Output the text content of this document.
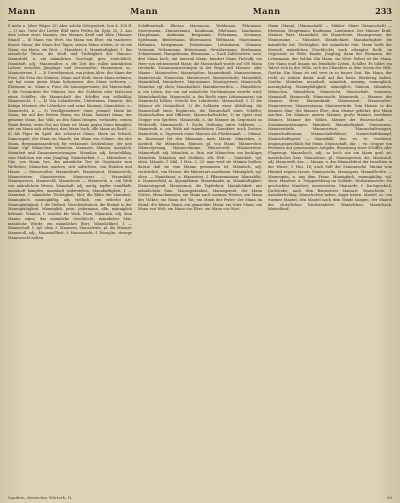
Mann	Mann	Mann	233
ß mehr a. Jahre Wäger 25) Aber solche Gelegenheit, bon S. 100 ff. — 2) Aus. Geist der Lieder, Bild eines Feldes fin. Spät, 25, 2. Aus dem Leben eines Mannes; des Mannes Kraft und Ehre (Mannes Stand) — 8) Mann von Wort, ein Mann von Ehre; ein wackerer, braver Mann; der Mann des Tages; seinen Mann stehen; er ist ein Mann; ein Mann, ein Wort — Mannheit, f.; Mannhaftigkeit, f.: das männliche Wesen, die Kraft und Tüchtigkeit des Mannes; Mannsbild, n. ein männliches Geschöpf, gew. verächtlich. Mannhaft, adj.; Mannesalter, n. die Zeit des vollen männlichen Lebens zwischen Jünglings- und Greisenalter; Mannesmut, m.; Mannestreue, f. — 3) Unverheiratet, von jedem Alter: der Mann der Frau; die Frau des Mannes; Mann und Weib; einen Mann nehmen; sie hat einen guten Mann bekommen; den Mann verlieren — Ehemann, m.: Mann u. Frau; die Mannspersonen; die Mannschaft, f. die Gesamtheit der Männer, bes. der Soldaten oder Matrosen eines Schiffes; die Mannschaft des Schiffes war vollzählig; Mannszucht, f. — 4) Von Lehnsleuten, Untertanen, Dienern: des Königs Mannen; der Lehnsherr und seine Mannen; Mannlehen, n.; Mannrecht, n. — 5) Verallgemeinert: einer, jemand: Mann für Mann; bis auf den letzten Mann; ein Mann, hundert Mann; der gemeine Mann, das Volk; an den Mann bringen, verkaufen; seinen Mann finden; wenn Not am Mann ist; Mann gegen Mann kämpfen; wie ein Mann sich erheben; drei Mann hoch; alle Mann an Bord! — 6) Als Figur im Spiel: der schwarze Mann; Mann im Schach, Damenspiel; der Mann im Monde; ein Mann von Schnee; der alte Mann, Bergmannsausdruck für verlassene Grubenbaue; der tote Mann. Vgl. Männchen, Männlein, Mannsen, Männer, männlich, Mannheit und Zusammensetzungen. Mannbar, adj. heiratsfähig, vom Mädchen wie vom Jüngling; Mannbarkeit, f. — Männchen, n. Dim. von Mann; bes. das männliche Tier im Gegensatz zum Weibchen; Männchen machen, sich aufrichten, von Hunden und Hasen. — Mannesalter, Manneskraft, Mannesmut, Mannesstolz, Mannestreue, Mannesweise, Mannewort — Mannsbild, Mannsperson, Mannsvolk, Mannsleute — Mannweib, n. ein Weib von männlichem Wesen. Mannhaft, adj. mutig, tapfer, standhaft; mannhaft kämpfen, mannhaft widerstehen; Mannhaftigkeit, f. — Mannheit, f. männliche Tüchtigkeit, Mut; die Blüte der Mannheit. Mannigfach, mannigfaltig, adj. vielfach, von vielerlei Art; Mannigfaltigkeit, f. die Vielheit, Verschiedenheit; die Einheit in der Mannigfaltigkeit. Männiglich, pron. jedermann, alle; männiglich bekannt. Männin, f. veraltet für Weib, Frau. Männlich, adj. dem Manne eigen; das männliche Geschlecht; männlicher Mut, männliche Würde; ein männliches Wort; Männlichkeit, f. — Mannschaft, f. vgl. oben 3. Mannsen, Mannsleute, pl. die Männer. Mannstoll, adj.; Mannstollheit, f. Mannszucht, f. Disziplin; strenge Mannszucht halten.
Schifferschaft. Ebenso Marsmann, Waldmann, Fährmann, Steuermann, Zimmermann, Kaufmann, Edelmann, Landmann, Hauptmann, Amtmann, Bergmann, Fuhrmann, Seemann, Spielmann, Biedermann, Ehrenmann, Weltmann, Staatsmann, Hofmann, Kriegsmann, Dienstmann, Lehnsmann, Obmann, Vormann, Nebenmann, Hintermann, Gewährsmann, Strohmann, Schneemann, Hampelmann, Blaumann. — Nach Zahlwörtern: zwei, drei Mann hoch; mit tausend Mann; hundert Mann Fußvolk; ein Heer von zehntausend Mann; die Mannschaft wurde auf 500 Mann verstärkt. Zusammensetzungen in der Regel mit Mannes- oder Manns-: Mannesehre, Mannesjahre, Manneskraft, Mannesstamm, Mannesstolz, Mannestat, Manneswort, Manneswürde; Mannsbild, Mannskleid, Mannsleute, Mannsname, Mannsperson, Mannsvolk. Mannbar, vgl. oben; Mannbarkeit, Mannbarwerden. — Mannlehen, n. ein Lehen, das nur auf männliche Nachkommen vererbt wird; Mannlehnsfolge. Mannrecht, n. das Recht eines Lehnsmannes; ein Mannrecht halten, Gericht der Lehnsleute. Mannschaft, f. 1) die Männer als Gesamtheit; 2) die Soldaten einer Abteilung: die Mannschaft eines Regiments, die Mannschaft eines Schiffes; Mannschaften und Offiziere; Mannschaftsstube; 3) im Sport eine Gruppe von Spielern. Mannsvolk, n. die Männer im Gegensatz zu Weibsvolk. Mannszucht, f. Zucht, Ordnung unter Soldaten. — Mannweib, n. ein Weib mit männlichem Charakter; auch Zwitter. Mannwerk, n. Tagewerk eines Mannes als Flächenmaß. — Männe, m. Kosename für den Ehemann; mein Männe. Männeken, n. niederd. für Männchen. Männer, pl. von Mann; Männerchor, Männergesang, Männerstimme, Männerwelt, Männertreue. Männerhaft, adj. Männlein, n. Dim. wie Männchen: ein buckliges Männlein; Männlein und Weiblein, alle Welt. — Mannheit, vgl. oben. Männin, f. bibl. 1 Mos. 2, 23: man wird sie Männin heißen, darum daß sie vom Manne genommen ist. Männisch, adj. verächtlich, von Frauen, die Männerart annehmen. Männiglich, vgl. oben. — Mannkraut, n. Mannstreu, f. Pflanzennamen; Mannsblut, n. Mannsschild, m. Alpenpflanze. Mannsknabe, m. Mannhaftigkeit, Mannestugend, Mannesmut, die Tapferkeit; Mannlichkeit, mit männlichem Sinn. Mannsgedanken, Mannsgemüt; der Mann Gottes; Menschensohn; ein Mann nach meinem Herzen; ein Mann des Volkes; ein Mann der Tat; ein Mann der Feder; der Mann im Mond; der kleine Mann; ein gemachter Mann; ein toter Mann; ein Mann von Welt; ein Mann von Ehre; ein Mann von Wort.
Mann (Mann), (Mannschaft) — Mäkler: Mann (Mannschaft) — Ehemann, Hauptmann, Kaufmann, Landmann. Der Männer Kraft, Mannes Wort. Mannsbild; die Mannsleute; Mannsperson; der Mannsname. — Mannheit, Männlichkeit, Mannhaftigkeit: die männliche Art, Tüchtigkeit, der männliche Mut. Mann heißt der Mensch männlichen Geschlechts nach erlangter Reife, im Gegensatz zu Weib, Knabe, Jüngling; dann der Ehemann, der Lehnsmann, der Soldat. Ein Mann, ein Wort. Selbst ist der Mann. Der Mann muß hinaus ins feindliche Leben. Schiller. Es bildet ein Talent sich in der Stille, sich ein Charakter in dem Strom der Welt. Goethe. Ein Mann ist viel wert in so teurer Zeit. Ein Mann, der recht zu wirken denkt, muß auf das beste Werkzeug halten. Goethe. Mannbar, mannhaft, männlich, mannig, mannigfach, mannigfaltig, Mannigfaltigkeit, männiglich, Männin, Männlein, Männchen, Mannlehen, Mannrecht, Mannschaft, Mannsen, Mannstoll, Mannsvolk, Mannszucht, Mannweib. — Mannes: des Mannes Herz; Manneskraft; Mannesmut; Mannesalter; Mannestreue; Mannesstamm; Manneswürde. Vom Manne: in des Mannes Sinn; des Mannes Ehre; dem Manne gebührt; den Mann machen. Die Männer: unsere Männer, große Männer, berühmte Männer, Männer des Volkes, Männer der Wissenschaft. — Zusammensetzungen: Mannheit, Mannhaftigkeit, Mannesmut, Manneswürde, Mannestreue; Mannschaftswagen; Mannschaftsraum; Mannschaftsführer; Mannschaftskampf; Mannschaftsgeist. — Mannsbild, das; -es, -er: veraltend, umgangssprachlich für Mann. Mannschaft, die; -, -en: Gruppe von Personen mit gemeinsamer Aufgabe, Besatzung eines Schiffes oder Flugzeugs. Mannshoch, adj.: so hoch wie ein Mann groß ist; mannshohes Gras. Mannsleute, pl.; Mannsperson, die; Mannstoll, adj. Mannweib, das. — Manna, n. das Himmelsbrot der Israeliten in der Wüste; 2 Mos. 16; auch Saft der Mannaesche. Manna vom Himmel regnen lassen. Mannaesche, Mannagras, Mannaflechte. — Mannequin, n. aus dem Franz. Mannigfach, mannigfaltig, vgl. oben. Manöver, n. Truppenübung im Gelände; Herbstmanöver; ein geschicktes Manöver; manövrieren. Mansarde, f. Dachgeschoß, Dachstube; nach dem Baumeister Mansart. Manschette, f. Ärmelaufschlag; Manschetten haben, Angst haben. Mantel, m.: ein warmer Mantel; den Mantel nach dem Winde hängen; der Mantel der christlichen Nächstenliebe; Mäntelchen, Mantelsack, Manteltarif.
Sanders, deutsches Wörterb. II.	30
